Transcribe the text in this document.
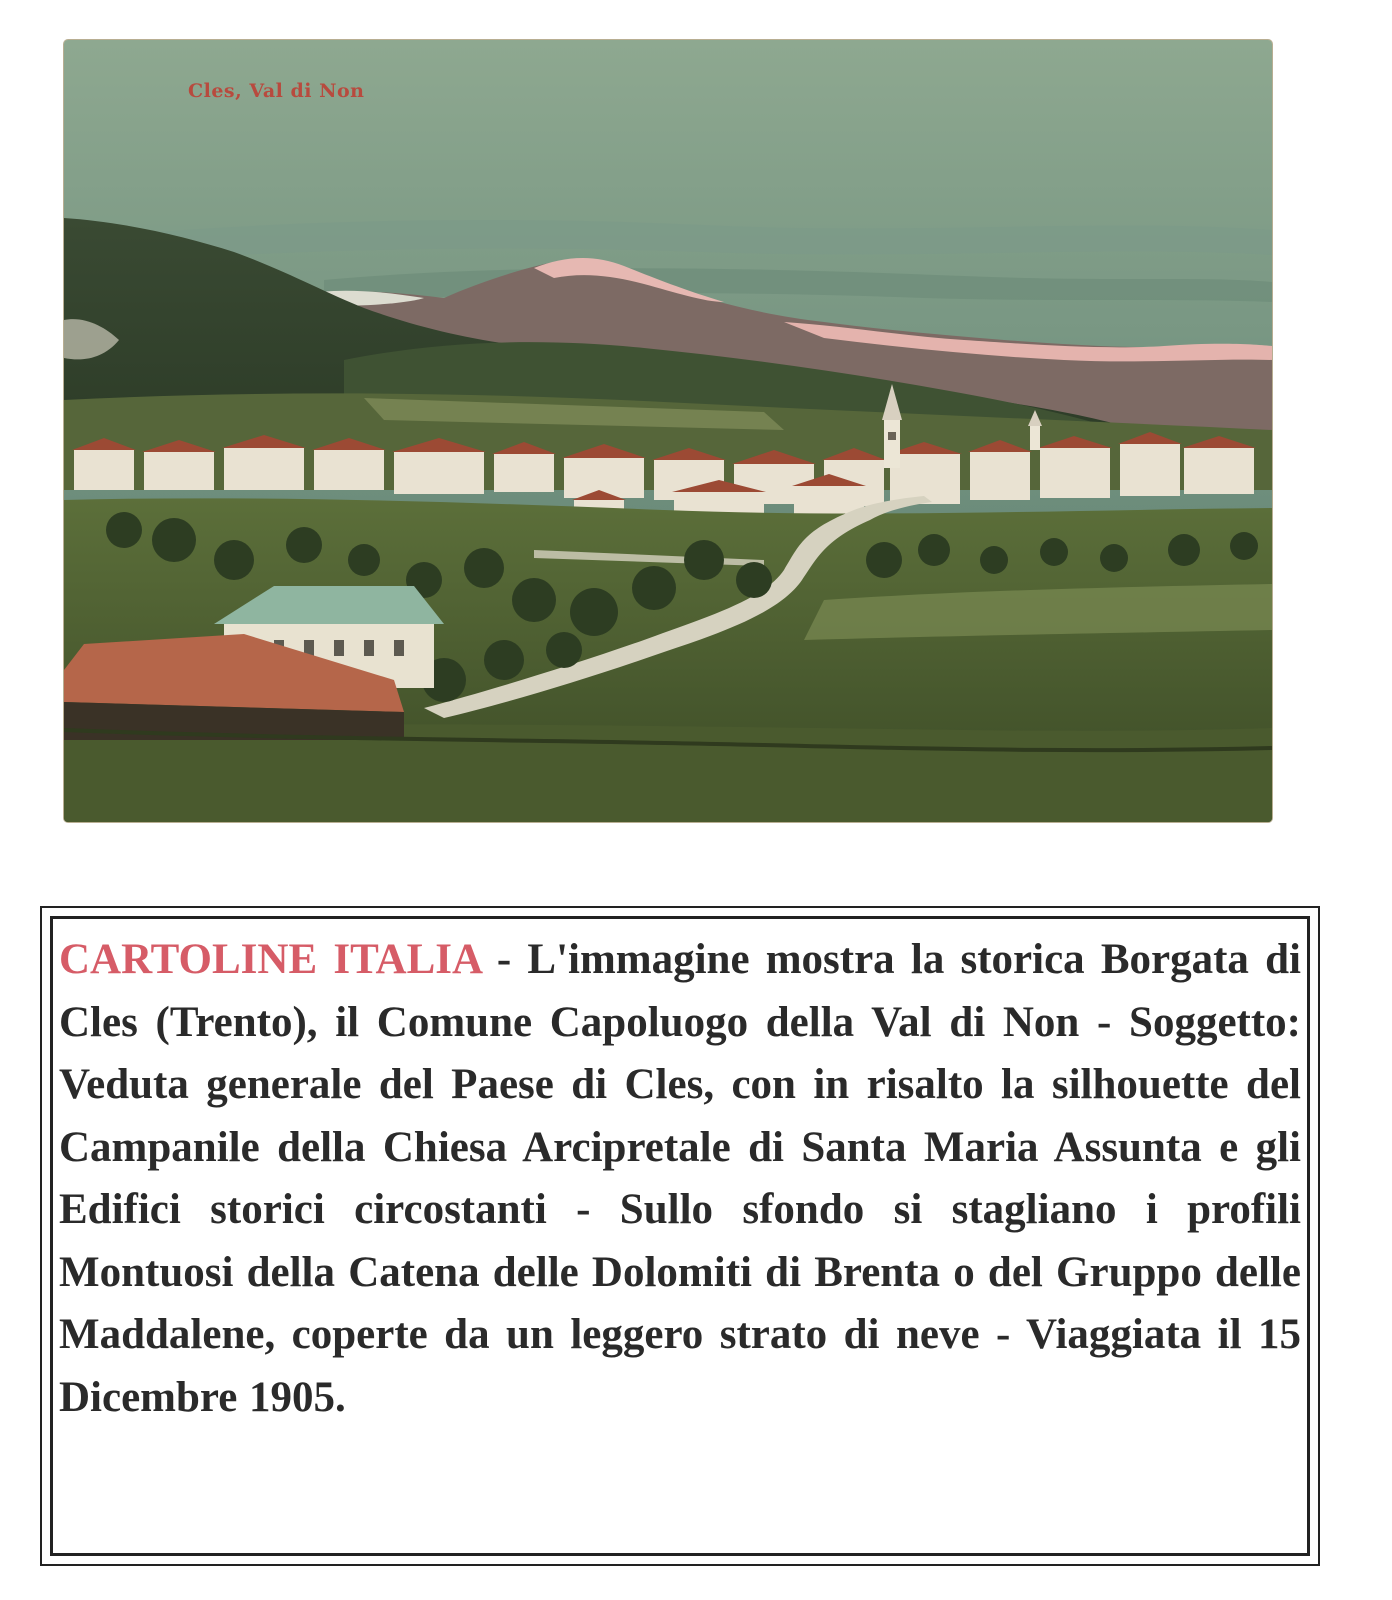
Cles, Val di Non

CARTOLINE ITALIA - L'immagine mostra la storica Borgata di Cles (Trento), il Comune Capoluogo della Val di Non - Soggetto: Veduta generale del Paese di Cles, con in risalto la silhouette del Campanile della Chiesa Arcipretale di Santa Maria Assunta e gli Edifici storici circostanti - Sullo sfondo si stagliano i profili Montuosi della Catena delle Dolomiti di Brenta o del Gruppo delle Maddalene, coperte da un leggero strato di neve - Viaggiata il 15 Dicembre 1905.
